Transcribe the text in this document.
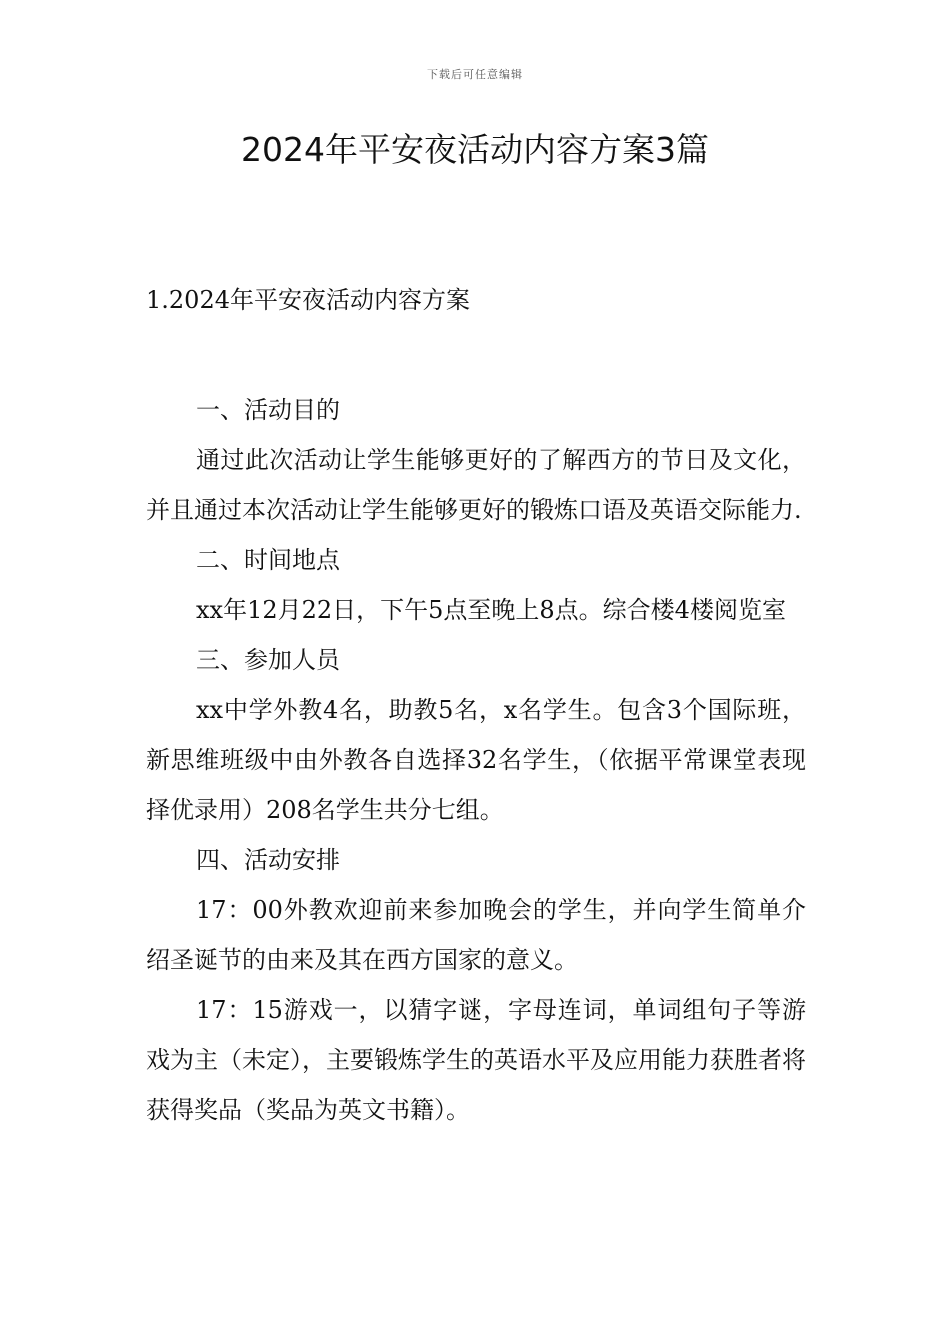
下载后可任意编辑
2024年平安夜活动内容方案3篇
1.2024年平安夜活动内容方案
一、活动目的

通过此次活动让学生能够更好的了解西方的节日及文化，并且通过本次活动让学生能够更好的锻炼口语及英语交际能力.

二、时间地点

xx年12月22日，下午5点至晚上8点。综合楼4楼阅览室

三、参加人员

xx中学外教4名，助教5名，x名学生。包含3个国际班，新思维班级中由外教各自选择32名学生，（依据平常课堂表现择优录用）208名学生共分七组。

四、活动安排

17：00外教欢迎前来参加晚会的学生，并向学生简单介绍圣诞节的由来及其在西方国家的意义。

17：15游戏一，以猜字谜，字母连词，单词组句子等游戏为主（未定），主要锻炼学生的英语水平及应用能力获胜者将获得奖品（奖品为英文书籍）。
